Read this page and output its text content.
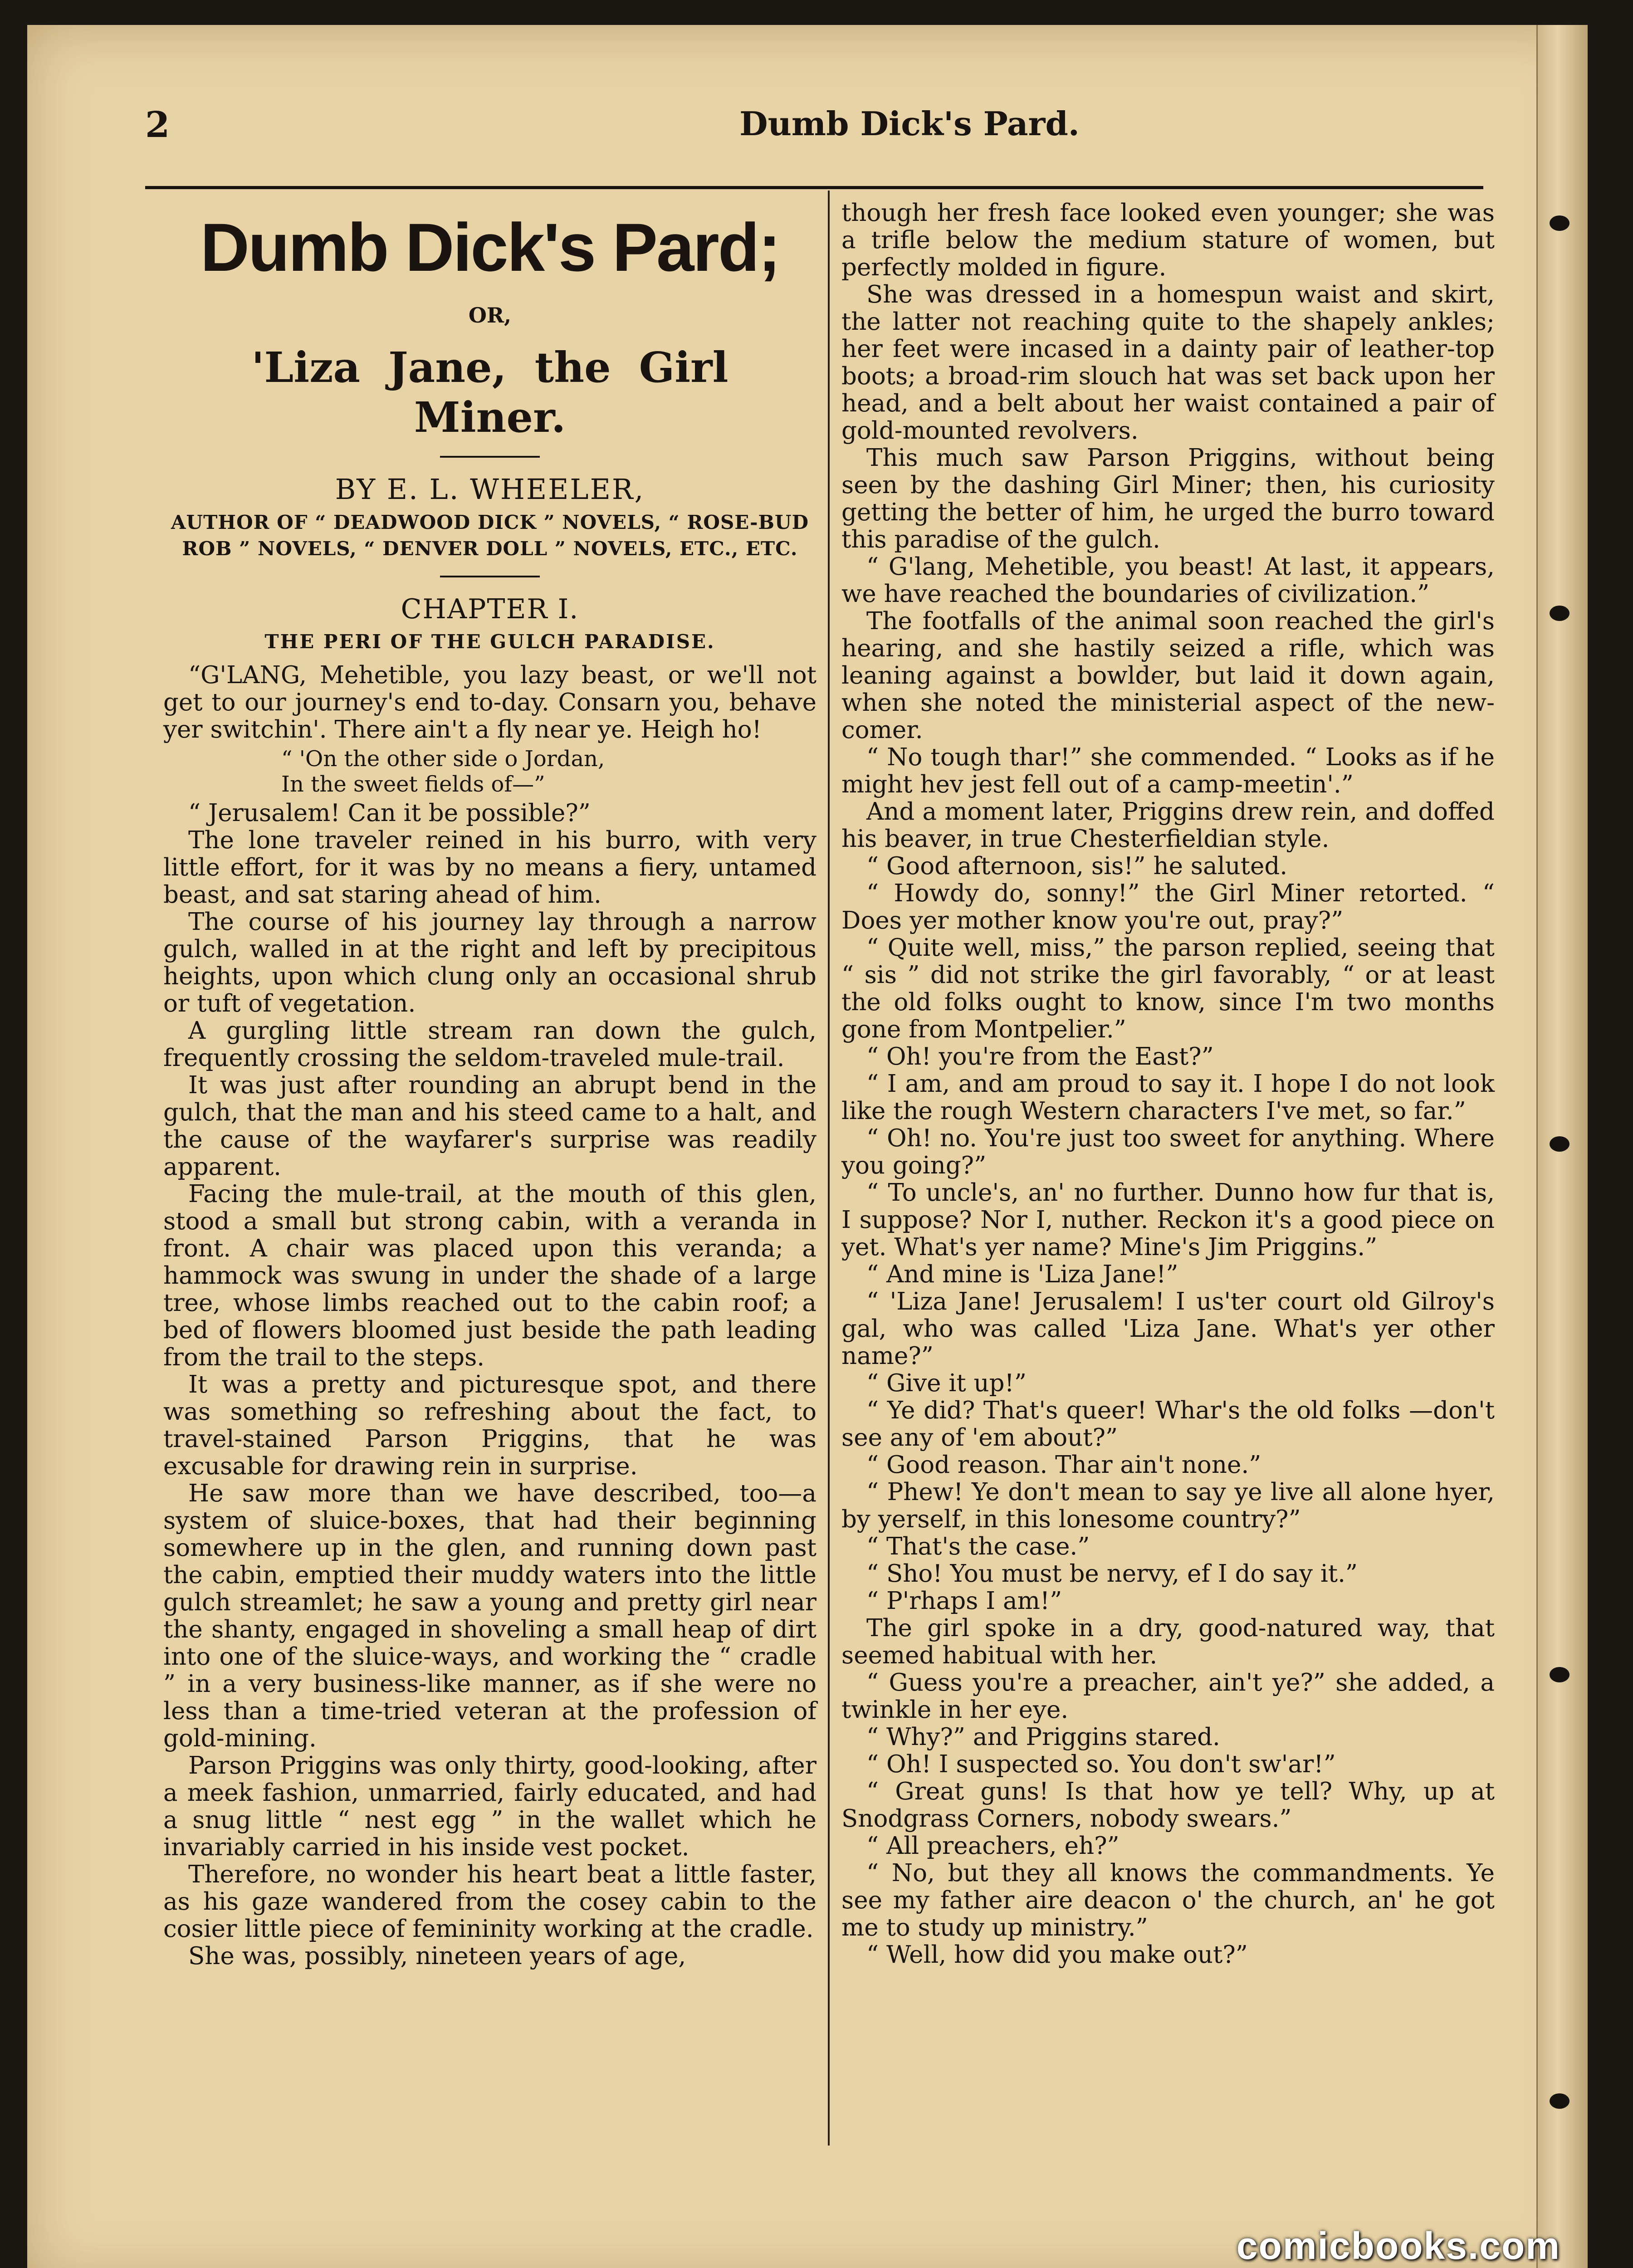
2	Dumb Dick's Pard.
Dumb Dick's Pard;
OR,
'Liza Jane, the Girl Miner.
BY E. L. WHEELER,
AUTHOR OF “ DEADWOOD DICK ” NOVELS, “ ROSE-BUD ROB ” NOVELS, “ DENVER DOLL ” NOVELS, ETC., ETC.
CHAPTER I.
THE PERI OF THE GULCH PARADISE.

“G'LANG, Mehetible, you lazy beast, or we'll not get to our journey's end to-day. Consarn you, behave yer switchin'. There ain't a fly near ye. Heigh ho!

“ 'On the other side o Jordan,
In the sweet fields of—”

“ Jerusalem! Can it be possible?”

The lone traveler reined in his burro, with very little effort, for it was by no means a fiery, untamed beast, and sat staring ahead of him.

The course of his journey lay through a narrow gulch, walled in at the right and left by precipitous heights, upon which clung only an occasional shrub or tuft of vegetation.

A gurgling little stream ran down the gulch, frequently crossing the seldom-traveled mule-trail.

It was just after rounding an abrupt bend in the gulch, that the man and his steed came to a halt, and the cause of the wayfarer's surprise was readily apparent.

Facing the mule-trail, at the mouth of this glen, stood a small but strong cabin, with a veranda in front. A chair was placed upon this veranda; a hammock was swung in under the shade of a large tree, whose limbs reached out to the cabin roof; a bed of flowers bloomed just beside the path leading from the trail to the steps.

It was a pretty and picturesque spot, and there was something so refreshing about the fact, to travel-stained Parson Priggins, that he was excusable for drawing rein in surprise.

He saw more than we have described, too—a system of sluice-boxes, that had their beginning somewhere up in the glen, and running down past the cabin, emptied their muddy waters into the little gulch streamlet; he saw a young and pretty girl near the shanty, engaged in shoveling a small heap of dirt into one of the sluice-ways, and working the “ cradle ” in a very business-like manner, as if she were no less than a time-tried veteran at the profession of gold-mining.

Parson Priggins was only thirty, good-looking, after a meek fashion, unmarried, fairly educated, and had a snug little “ nest egg ” in the wallet which he invariably carried in his inside vest pocket.

Therefore, no wonder his heart beat a little faster, as his gaze wandered from the cosey cabin to the cosier little piece of femininity working at the cradle.

She was, possibly, nineteen years of age,

though her fresh face looked even younger; she was a trifle below the medium stature of women, but perfectly molded in figure.

She was dressed in a homespun waist and skirt, the latter not reaching quite to the shapely ankles; her feet were incased in a dainty pair of leather-top boots; a broad-rim slouch hat was set back upon her head, and a belt about her waist contained a pair of gold-mounted revolvers.

This much saw Parson Priggins, without being seen by the dashing Girl Miner; then, his curiosity getting the better of him, he urged the burro toward this paradise of the gulch.

“ G'lang, Mehetible, you beast! At last, it appears, we have reached the boundaries of civilization.”

The footfalls of the animal soon reached the girl's hearing, and she hastily seized a rifle, which was leaning against a bowlder, but laid it down again, when she noted the ministerial aspect of the new-comer.

“ No tough thar!” she commended. “ Looks as if he might hev jest fell out of a camp-meetin'.”

And a moment later, Priggins drew rein, and doffed his beaver, in true Chesterfieldian style.

“ Good afternoon, sis!” he saluted.

“ Howdy do, sonny!” the Girl Miner retorted. “ Does yer mother know you're out, pray?”

“ Quite well, miss,” the parson replied, seeing that “ sis ” did not strike the girl favorably, “ or at least the old folks ought to know, since I'm two months gone from Montpelier.”

“ Oh! you're from the East?”

“ I am, and am proud to say it. I hope I do not look like the rough Western characters I've met, so far.”

“ Oh! no. You're just too sweet for anything. Where you going?”

“ To uncle's, an' no further. Dunno how fur that is, I suppose? Nor I, nuther. Reckon it's a good piece on yet. What's yer name? Mine's Jim Priggins.”

“ And mine is 'Liza Jane!”

“ 'Liza Jane! Jerusalem! I us'ter court old Gilroy's gal, who was called 'Liza Jane. What's yer other name?”

“ Give it up!”

“ Ye did? That's queer! Whar's the old folks —don't see any of 'em about?”

“ Good reason. Thar ain't none.”

“ Phew! Ye don't mean to say ye live all alone hyer, by yerself, in this lonesome country?”

“ That's the case.”

“ Sho! You must be nervy, ef I do say it.”

“ P'rhaps I am!”

The girl spoke in a dry, good-natured way, that seemed habitual with her.

“ Guess you're a preacher, ain't ye?” she added, a twinkle in her eye.

“ Why?” and Priggins stared.

“ Oh! I suspected so. You don't sw'ar!”

“ Great guns! Is that how ye tell? Why, up at Snodgrass Corners, nobody swears.”

“ All preachers, eh?”

“ No, but they all knows the commandments. Ye see my father aire deacon o' the church, an' he got me to study up ministry.”

“ Well, how did you make out?”

comicbooks.com
